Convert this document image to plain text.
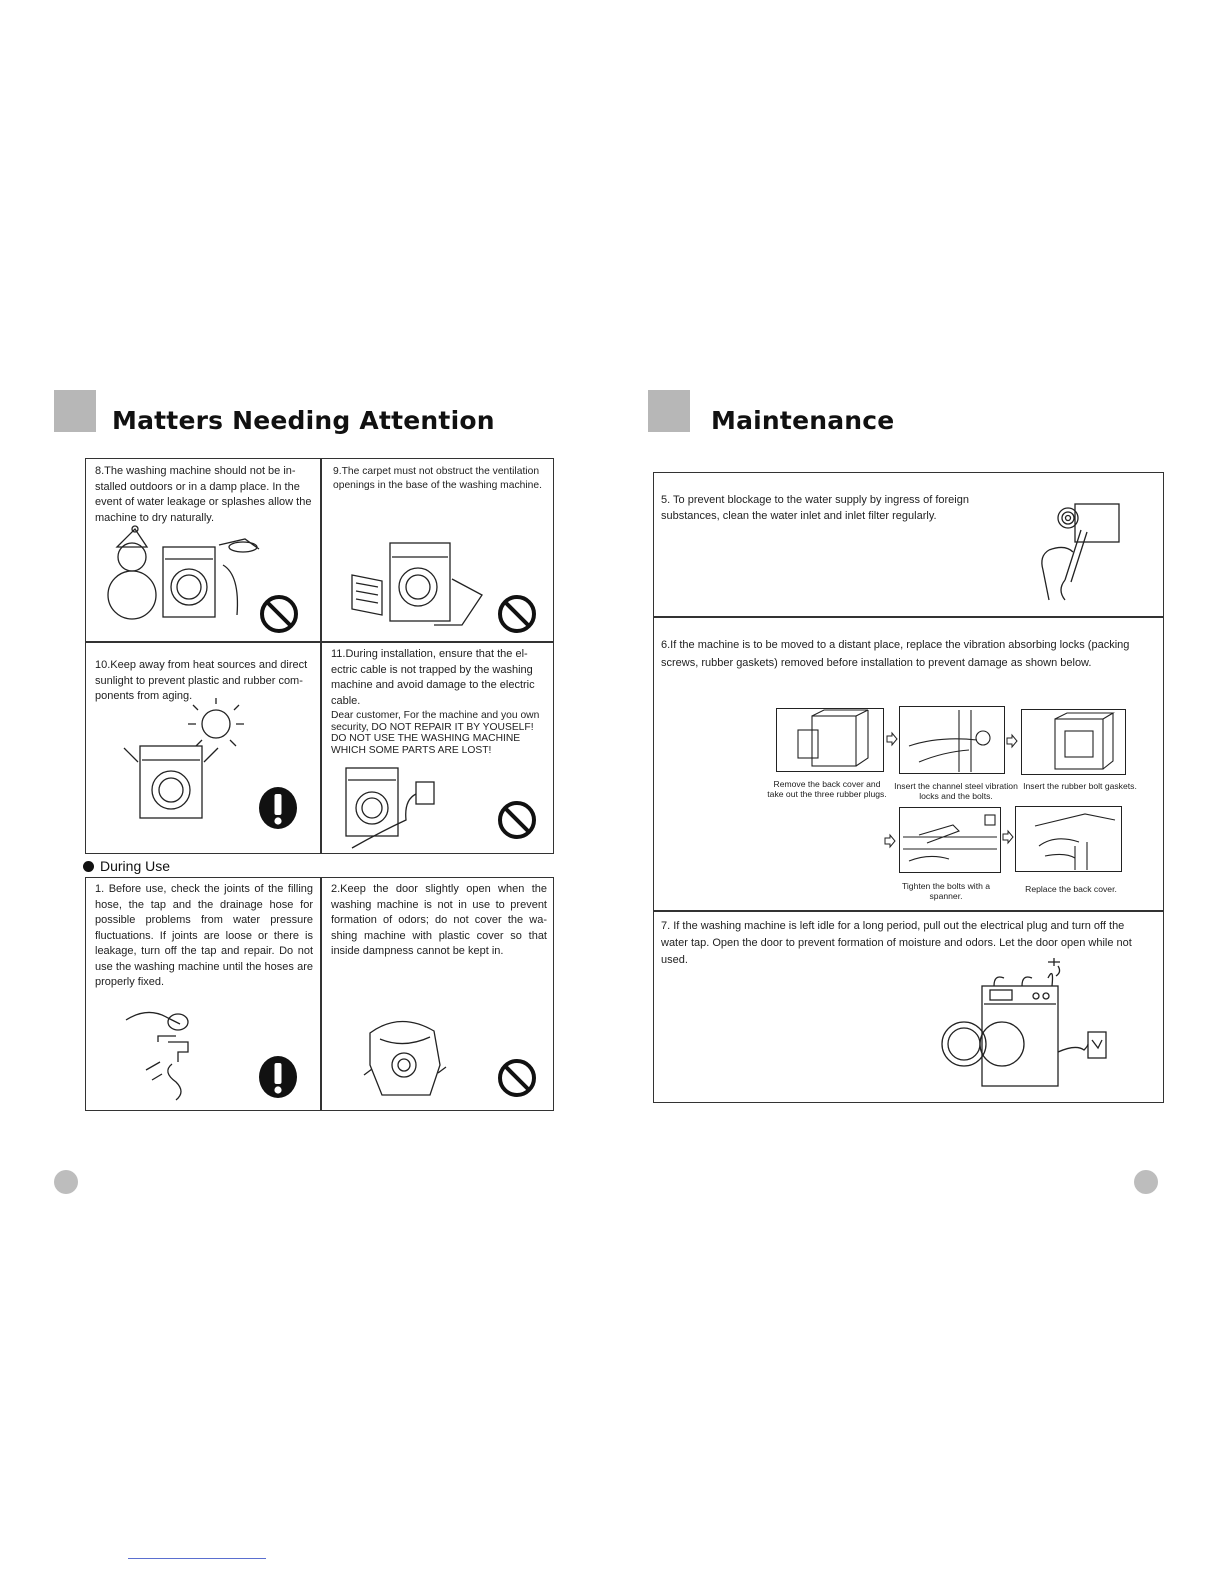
Matters Needing Attention
8.The washing machine should not be in-stalled outdoors or in a damp place. In the event of water leakage or splashes allow the machine to dry naturally.
9.The carpet must not obstruct the ventilation openings in the base of the washing machine.
10.Keep away from heat sources and direct sunlight to prevent plastic and rubber com-ponents from aging.
11.During installation, ensure that the el-ectric cable is not trapped by the washing machine and avoid damage to the electric cable.
Dear customer, For the machine and you own
security, DO NOT REPAIR IT BY YOUSELF!
DO NOT USE THE WASHING MACHINE
WHICH SOME PARTS ARE LOST!
During Use
1. Before use, check the joints of the filling hose, the tap and the drainage hose for possible problems from water pressure fluctuations. If joints are loose or there is leakage, turn off the tap and repair. Do not use the washing machine until the hoses are properly fixed.
2.Keep the door slightly open when the washing machine is not in use to prevent formation of odors; do not cover the wa-shing machine with plastic cover so that inside dampness cannot be kept in.
Maintenance
5. To prevent blockage to the water supply by ingress of foreign substances, clean the water inlet and inlet filter regularly.
6.If the machine is to be moved to a distant place, replace the vibration absorbing locks (packing screws, rubber gaskets) removed before installation to prevent damage as shown below.
Remove the back cover and take out the three rubber plugs.
Insert the channel steel vibration locks and the bolts.
Insert the rubber bolt gaskets.
Tighten the bolts with a spanner.
Replace the back cover.
7. If the washing machine is left idle for a long period, pull out the electrical plug and turn off the water tap. Open the door to prevent formation of moisture and odors. Let the door open while not used.
